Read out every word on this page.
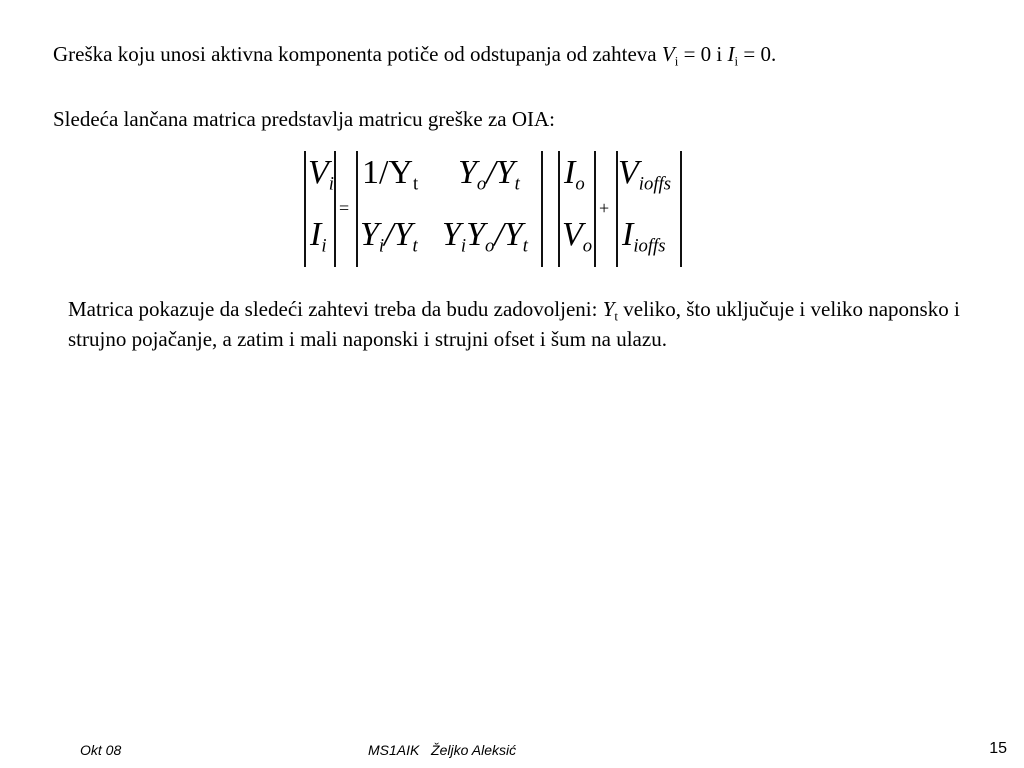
Greška koju unosi aktivna komponenta potiče od odstupanja od zahteva $V_i = 0$ i $I_i = 0$.
Sledeća lančana matrica predstavlja matricu greške za OIA:
$V_i$
$I_i$
=
$1/Y_t$ $Y_o/Y_t$
$Y_i/Y_t$ $Y_iY_o/Y_t$
$I_o$
$V_o$
+
$V_{ioffs}$
$I_{ioffs}$
Matrica pokazuje da sledeći zahtevi treba da budu zadovoljeni: $Y_t$ veliko, što uključuje i veliko naponsko i strujno pojačanje, a zatim i mali naponski i strujni ofset i šum na ulazu.
Okt 08	MS1AIK Željko Aleksić	15
